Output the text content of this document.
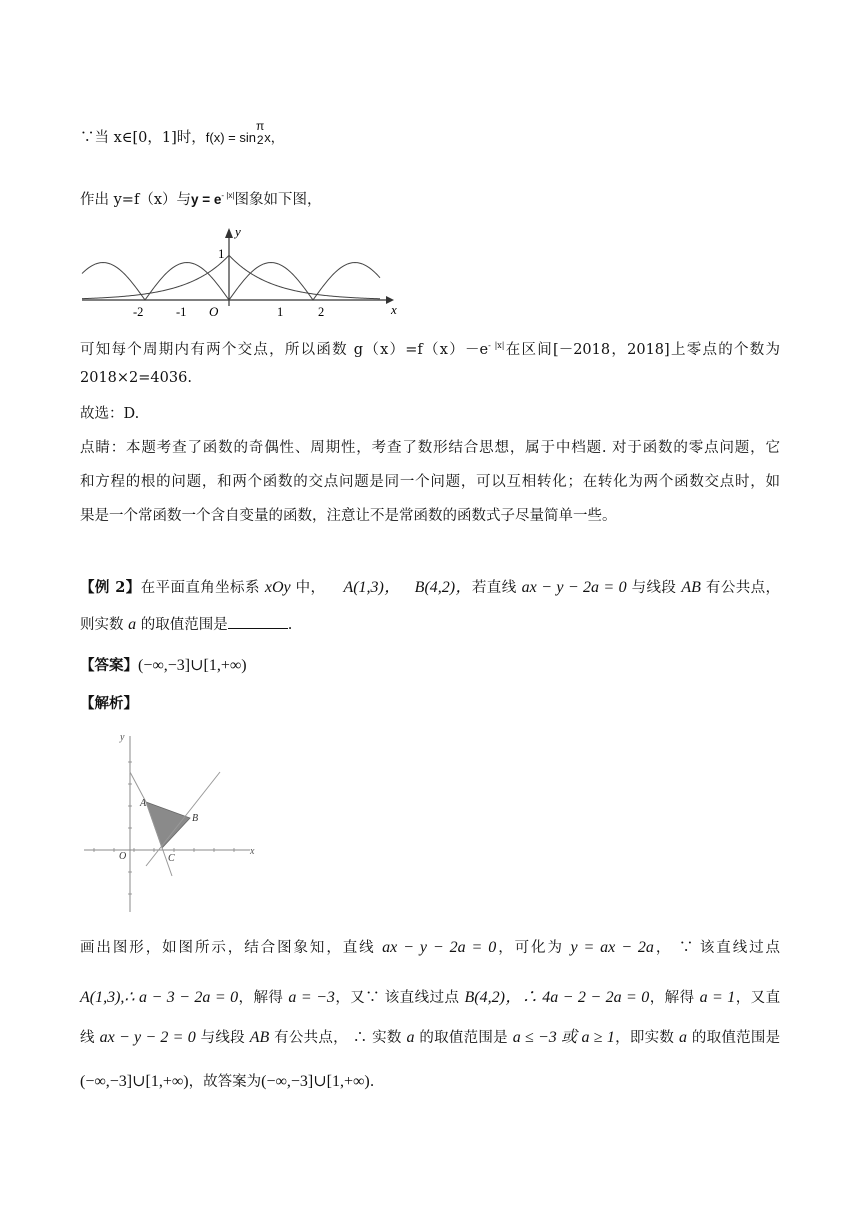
∵当 x∈[0，1]时，f(x) = sin
π
2 x，
作出 y=f（x）与$y = e^{- |x|}$图象如下图，
y
1
-2	-1 O	1	2	x
可知每个周期内有两个交点，所以函数 $g(x)=f(x)-e^{- |x|}$在区间[－2018，2018]上零点的个数为
2018×2=4036.
故选：D.
点睛：本题考查了函数的奇偶性、周期性，考查了数形结合思想，属于中档题. 对于函数的零点问题，它
和方程的根的问题，和两个函数的交点问题是同一个问题，可以互相转化；在转化为两个函数交点时，如
果是一个常函数一个含自变量的函数，注意让不是常函数的函数式子尽量简单一些。
【例 2】在平面直角坐标系 xOy 中， A(1,3)， B(4,2)，若直线 ax − y − 2a = 0 与线段 AB 有公共点，
则实数 a 的取值范围是	.
【答案】(−∞,−3]∪[1,+∞)
【解析】
y
A
B
O	C
x
画出图形，如图所示，结合图象知，直线 ax − y − 2a = 0，可化为 y = ax − 2a， ∵ 该直线过点
A(1,3),∴ a − 3 − 2a = 0，解得 a = −3，又∵ 该直线过点 B(4,2)，∴ 4a − 2 − 2a = 0，解得 a = 1，又直
线 ax − y − 2 = 0 与线段 AB 有公共点， ∴ 实数 a 的取值范围是 a ≤ −3 或 a ≥ 1，即实数 a 的取值范围是
(−∞,−3]∪[1,+∞)，故答案为(−∞,−3]∪[1,+∞).
